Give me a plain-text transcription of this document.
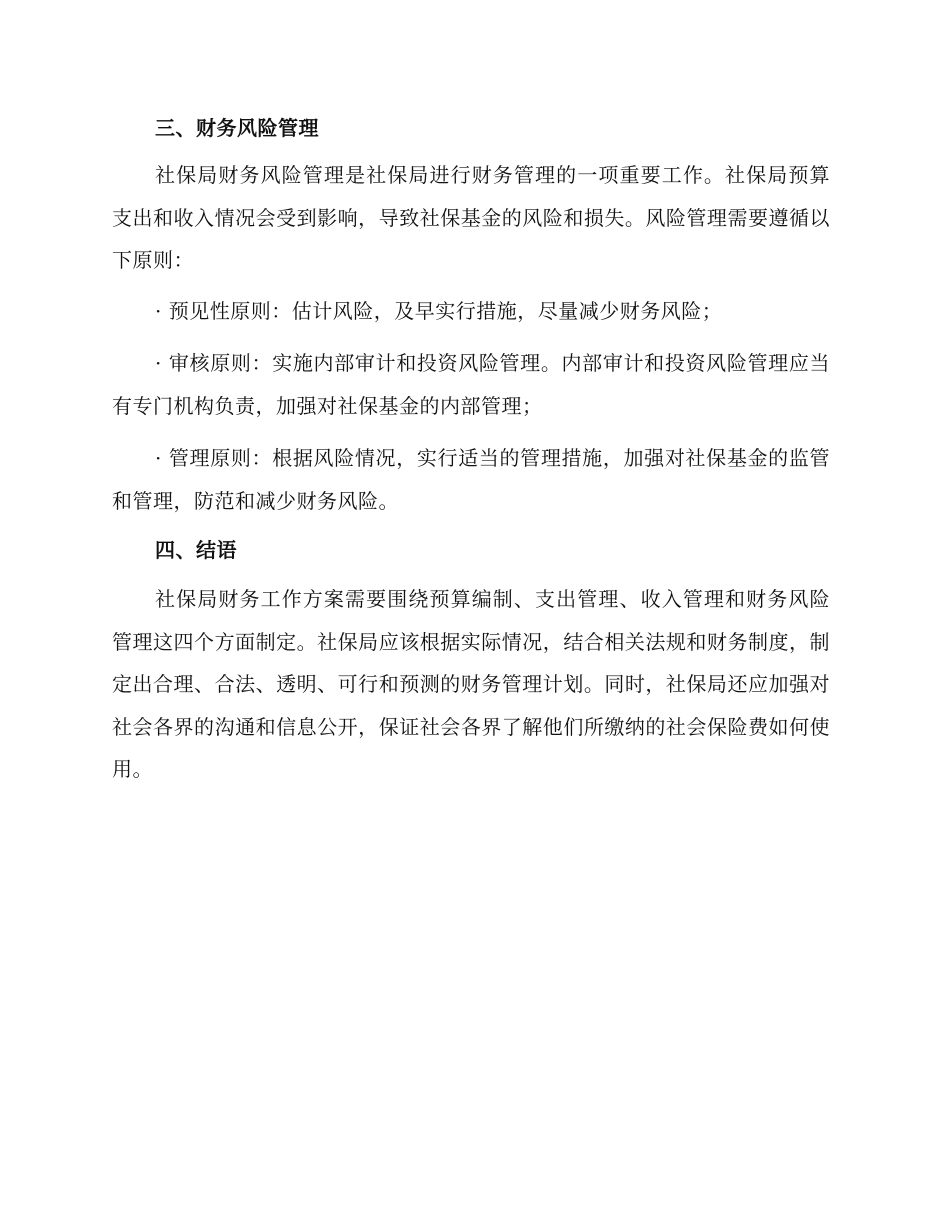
三、财务风险管理

社保局财务风险管理是社保局进行财务管理的一项重要工作。社保局预算支出和收入情况会受到影响，导致社保基金的风险和损失。风险管理需要遵循以下原则：

· 预见性原则：估计风险，及早实行措施，尽量减少财务风险；

· 审核原则：实施内部审计和投资风险管理。内部审计和投资风险管理应当有专门机构负责，加强对社保基金的内部管理；

· 管理原则：根据风险情况，实行适当的管理措施，加强对社保基金的监管和管理，防范和减少财务风险。

四、结语

社保局财务工作方案需要围绕预算编制、支出管理、收入管理和财务风险管理这四个方面制定。社保局应该根据实际情况，结合相关法规和财务制度，制定出合理、合法、透明、可行和预测的财务管理计划。同时，社保局还应加强对社会各界的沟通和信息公开，保证社会各界了解他们所缴纳的社会保险费如何使用。
